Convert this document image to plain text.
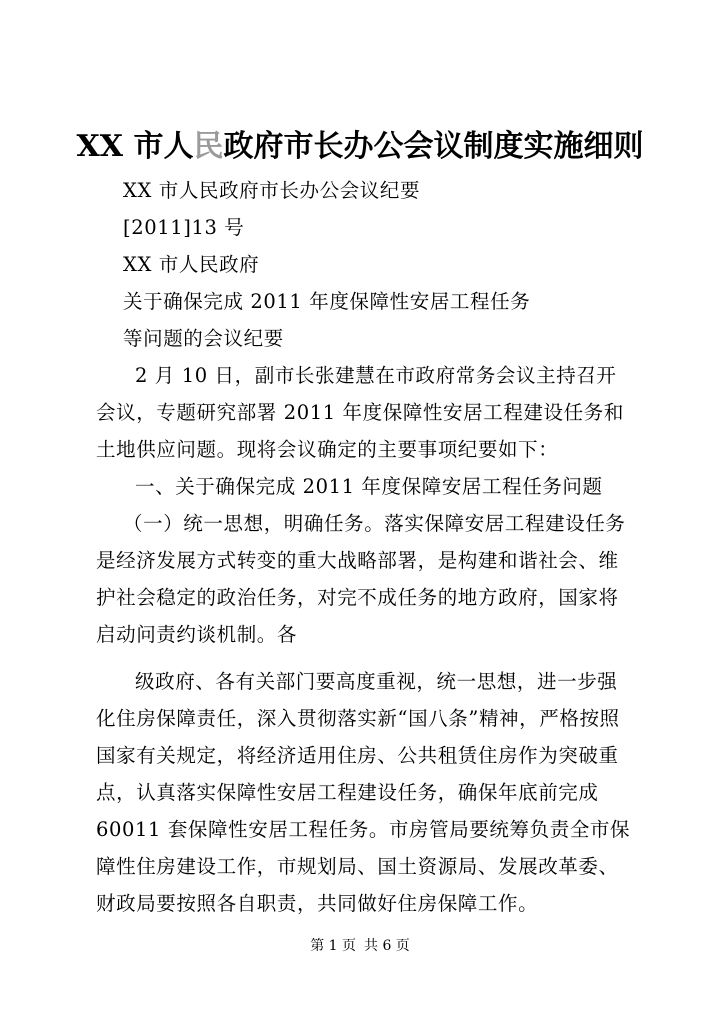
XX 市人民政府市长办公会议制度实施细则

XX 市人民政府市长办公会议纪要

[2011]13 号

XX 市人民政府

关于确保完成 2011 年度保障性安居工程任务

等问题的会议纪要

2 月 10 日，副市长张建慧在市政府常务会议主持召开会议，专题研究部署 2011 年度保障性安居工程建设任务和土地供应问题。现将会议确定的主要事项纪要如下：

一、关于确保完成 2011 年度保障安居工程任务问题

（一）统一思想，明确任务。落实保障安居工程建设任务是经济发展方式转变的重大战略部署，是构建和谐社会、维护社会稳定的政治任务，对完不成任务的地方政府，国家将启动问责约谈机制。各

级政府、各有关部门要高度重视，统一思想，进一步强化住房保障责任，深入贯彻落实新“国八条”精神，严格按照国家有关规定，将经济适用住房、公共租赁住房作为突破重点，认真落实保障性安居工程建设任务，确保年底前完成 60011 套保障性安居工程任务。市房管局要统筹负责全市保障性住房建设工作，市规划局、国土资源局、发展改革委、财政局要按照各自职责，共同做好住房保障工作。

第 1 页 共 6 页
